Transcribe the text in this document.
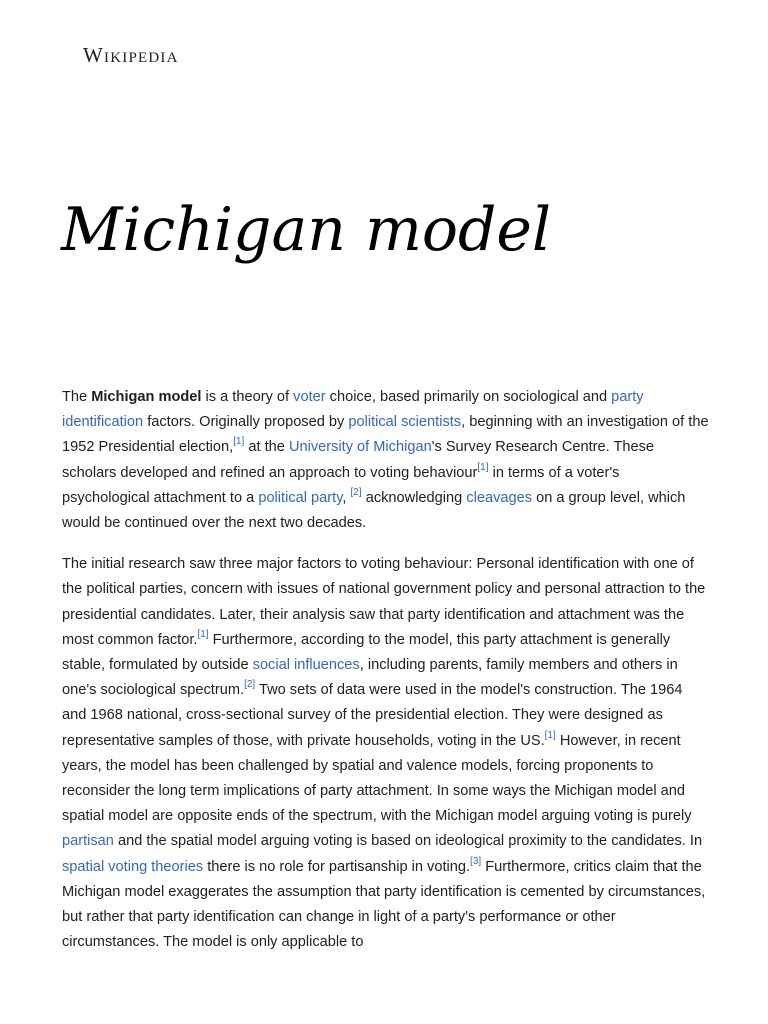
Wikipedia
Michigan model

The Michigan model is a theory of voter choice, based primarily on sociological and party identification factors. Originally proposed by political scientists, beginning with an investigation of the 1952 Presidential election,[1] at the University of Michigan's Survey Research Centre. These scholars developed and refined an approach to voting behaviour[1] in terms of a voter's psychological attachment to a political party, [2] acknowledging cleavages on a group level, which would be continued over the next two decades.

The initial research saw three major factors to voting behaviour: Personal identification with one of the political parties, concern with issues of national government policy and personal attraction to the presidential candidates. Later, their analysis saw that party identification and attachment was the most common factor.[1] Furthermore, according to the model, this party attachment is generally stable, formulated by outside social influences, including parents, family members and others in one's sociological spectrum.[2] Two sets of data were used in the model's construction. The 1964 and 1968 national, cross-sectional survey of the presidential election. They were designed as representative samples of those, with private households, voting in the US.[1] However, in recent years, the model has been challenged by spatial and valence models, forcing proponents to reconsider the long term implications of party attachment. In some ways the Michigan model and spatial model are opposite ends of the spectrum, with the Michigan model arguing voting is purely partisan and the spatial model arguing voting is based on ideological proximity to the candidates. In spatial voting theories there is no role for partisanship in voting.[3] Furthermore, critics claim that the Michigan model exaggerates the assumption that party identification is cemented by circumstances, but rather that party identification can change in light of a party's performance or other circumstances. The model is only applicable to
